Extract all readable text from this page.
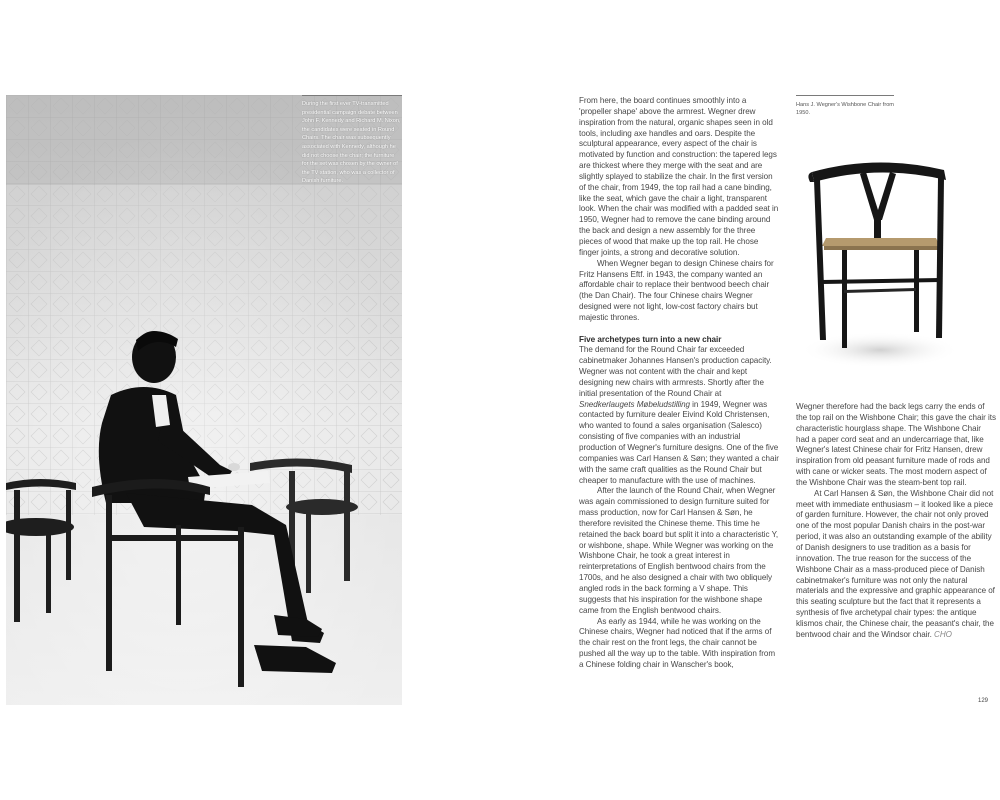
During the first ever TV-transmitted presidential campaign debate between John F. Kennedy and Richard M. Nixon, the candidates were seated in Round Chairs. The chair was subsequently associated with Kennedy, although he did not choose the chair; the furniture for the set was chosen by the owner of the TV station, who was a collector of Danish furniture.

From here, the board continues smoothly into a 'propeller shape' above the armrest. Wegner drew inspiration from the natural, organic shapes seen in old tools, including axe handles and oars. Despite the sculptural appearance, every aspect of the chair is motivated by function and construction: the tapered legs are thickest where they merge with the seat and are slightly splayed to stabilize the chair. In the first version of the chair, from 1949, the top rail had a cane binding, like the seat, which gave the chair a light, transparent look. When the chair was modified with a padded seat in 1950, Wegner had to remove the cane binding around the back and design a new assembly for the three pieces of wood that make up the top rail. He chose finger joints, a strong and decorative solution.

When Wegner began to design Chinese chairs for Fritz Hansens Eftf. in 1943, the company wanted an affordable chair to replace their bentwood beech chair (the Dan Chair). The four Chinese chairs Wegner designed were not light, low-cost factory chairs but majestic thrones.

Five archetypes turn into a new chair

The demand for the Round Chair far exceeded cabinetmaker Johannes Hansen's production capacity. Wegner was not content with the chair and kept designing new chairs with armrests. Shortly after the initial presentation of the Round Chair at Snedkerlaugets Møbeludstilling in 1949, Wegner was contacted by furniture dealer Eivind Kold Christensen, who wanted to found a sales organisation (Salesco) consisting of five companies with an industrial production of Wegner's furniture designs. One of the five companies was Carl Hansen & Søn; they wanted a chair with the same craft qualities as the Round Chair but cheaper to manufacture with the use of machines.

After the launch of the Round Chair, when Wegner was again commissioned to design furniture suited for mass production, now for Carl Hansen & Søn, he therefore revisited the Chinese theme. This time he retained the back board but split it into a characteristic Y, or wishbone, shape. While Wegner was working on the Wishbone Chair, he took a great interest in reinterpretations of English bentwood chairs from the 1700s, and he also designed a chair with two obliquely angled rods in the back forming a V shape. This suggests that his inspiration for the wishbone shape came from the English bentwood chairs.

As early as 1944, while he was working on the Chinese chairs, Wegner had noticed that if the arms of the chair rest on the front legs, the chair cannot be pushed all the way up to the table. With inspiration from a Chinese folding chair in Wanscher's book,

Hans J. Wegner's Wishbone Chair from 1950.

Wegner therefore had the back legs carry the ends of the top rail on the Wishbone Chair; this gave the chair its characteristic hourglass shape. The Wishbone Chair had a paper cord seat and an undercarriage that, like Wegner's latest Chinese chair for Fritz Hansen, drew inspiration from old peasant furniture made of rods and with cane or wicker seats. The most modern aspect of the Wishbone Chair was the steam-bent top rail.

At Carl Hansen & Søn, the Wishbone Chair did not meet with immediate enthusiasm – it looked like a piece of garden furniture. However, the chair not only proved one of the most popular Danish chairs in the post-war period, it was also an outstanding example of the ability of Danish designers to use tradition as a basis for innovation. The true reason for the success of the Wishbone Chair as a mass-produced piece of Danish cabinetmaker's furniture was not only the natural materials and the expressive and graphic appearance of this seating sculpture but the fact that it represents a synthesis of five archetypal chair types: the antique klismos chair, the Chinese chair, the peasant's chair, the bentwood chair and the Windsor chair. CHO

129
